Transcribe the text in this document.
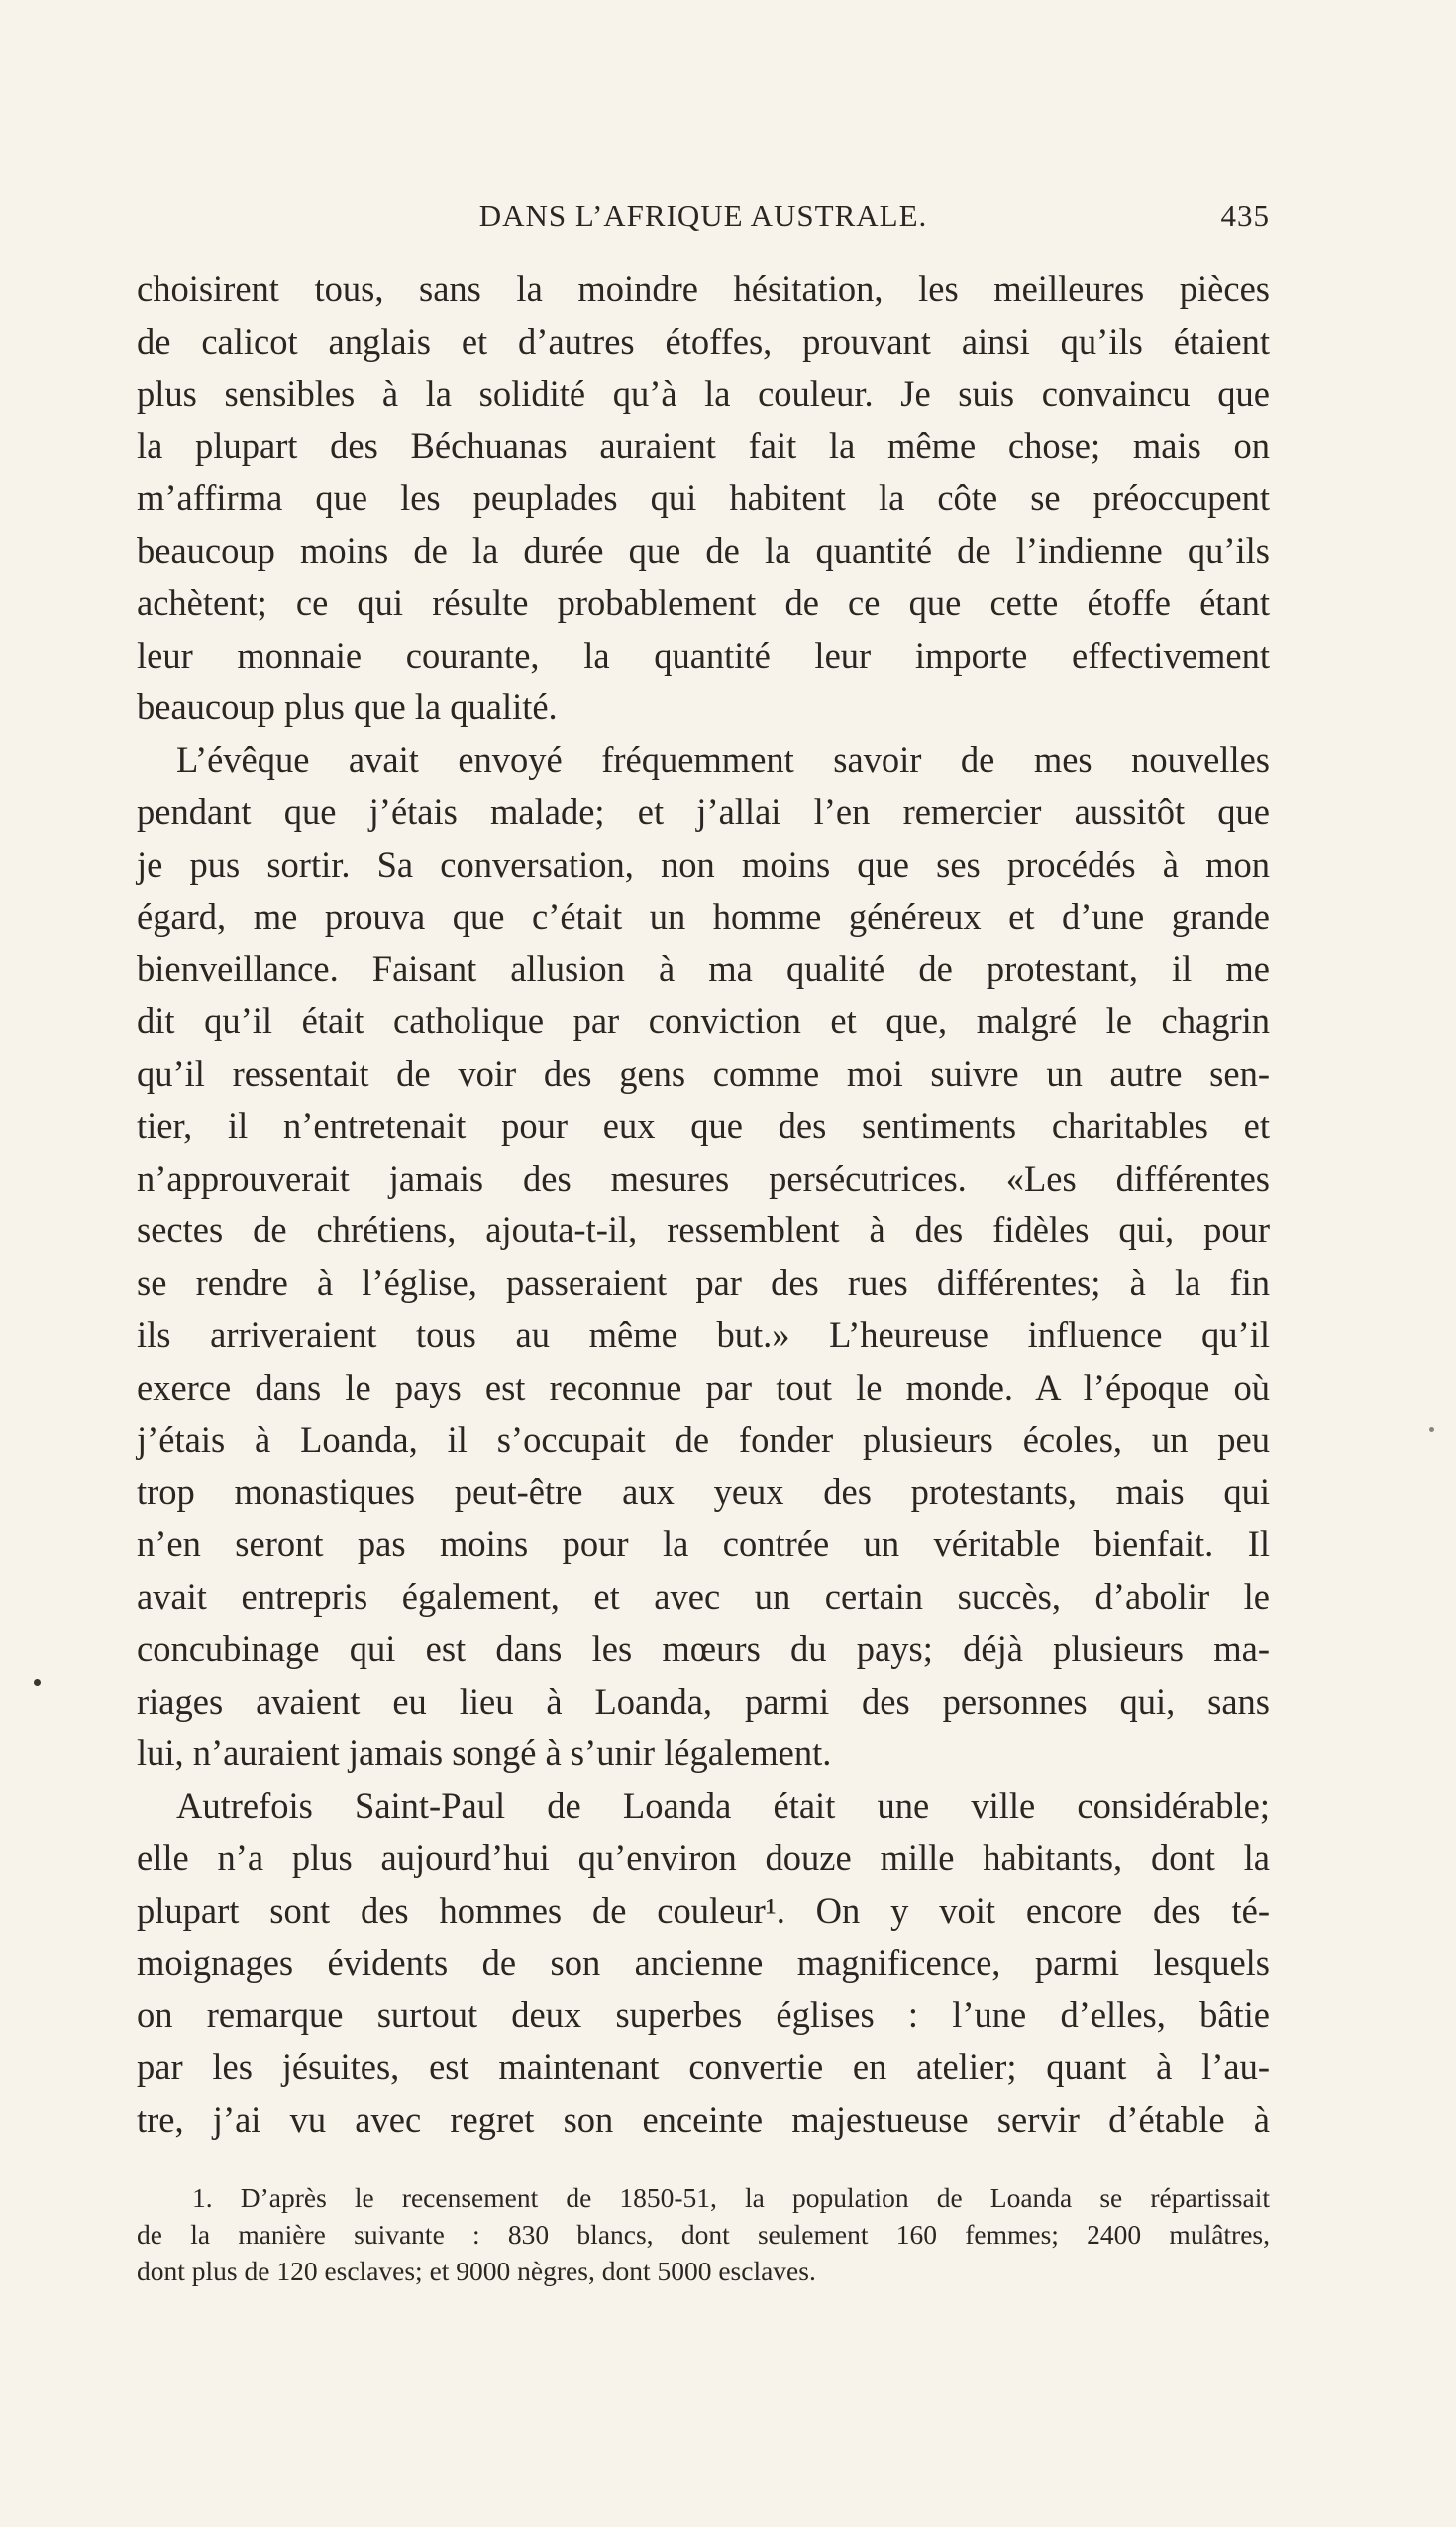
DANS L’AFRIQUE AUSTRALE.	435
choisirent tous, sans la moindre hésitation, les meilleures pièces
de calicot anglais et d’autres étoffes, prouvant ainsi qu’ils étaient
plus sensibles à la solidité qu’à la couleur. Je suis convaincu que
la plupart des Béchuanas auraient fait la même chose; mais on
m’affirma que les peuplades qui habitent la côte se préoccupent
beaucoup moins de la durée que de la quantité de l’indienne qu’ils
achètent; ce qui résulte probablement de ce que cette étoffe étant
leur monnaie courante, la quantité leur importe effectivement
beaucoup plus que la qualité.
L’évêque avait envoyé fréquemment savoir de mes nouvelles
pendant que j’étais malade; et j’allai l’en remercier aussitôt que
je pus sortir. Sa conversation, non moins que ses procédés à mon
égard, me prouva que c’était un homme généreux et d’une grande
bienveillance. Faisant allusion à ma qualité de protestant, il me
dit qu’il était catholique par conviction et que, malgré le chagrin
qu’il ressentait de voir des gens comme moi suivre un autre sen-
tier, il n’entretenait pour eux que des sentiments charitables et
n’approuverait jamais des mesures persécutrices. «Les différentes
sectes de chrétiens, ajouta-t-il, ressemblent à des fidèles qui, pour
se rendre à l’église, passeraient par des rues différentes; à la fin
ils arriveraient tous au même but.» L’heureuse influence qu’il
exerce dans le pays est reconnue par tout le monde. A l’époque où
j’étais à Loanda, il s’occupait de fonder plusieurs écoles, un peu
trop monastiques peut-être aux yeux des protestants, mais qui
n’en seront pas moins pour la contrée un véritable bienfait. Il
avait entrepris également, et avec un certain succès, d’abolir le
concubinage qui est dans les mœurs du pays; déjà plusieurs ma-
riages avaient eu lieu à Loanda, parmi des personnes qui, sans
lui, n’auraient jamais songé à s’unir légalement.
Autrefois Saint-Paul de Loanda était une ville considérable;
elle n’a plus aujourd’hui qu’environ douze mille habitants, dont la
plupart sont des hommes de couleur¹. On y voit encore des té-
moignages évidents de son ancienne magnificence, parmi lesquels
on remarque surtout deux superbes églises : l’une d’elles, bâtie
par les jésuites, est maintenant convertie en atelier; quant à l’au-
tre, j’ai vu avec regret son enceinte majestueuse servir d’étable à
1. D’après le recensement de 1850-51, la population de Loanda se répartissait
de la manière suivante : 830 blancs, dont seulement 160 femmes; 2400 mulâtres,
dont plus de 120 esclaves; et 9000 nègres, dont 5000 esclaves.
